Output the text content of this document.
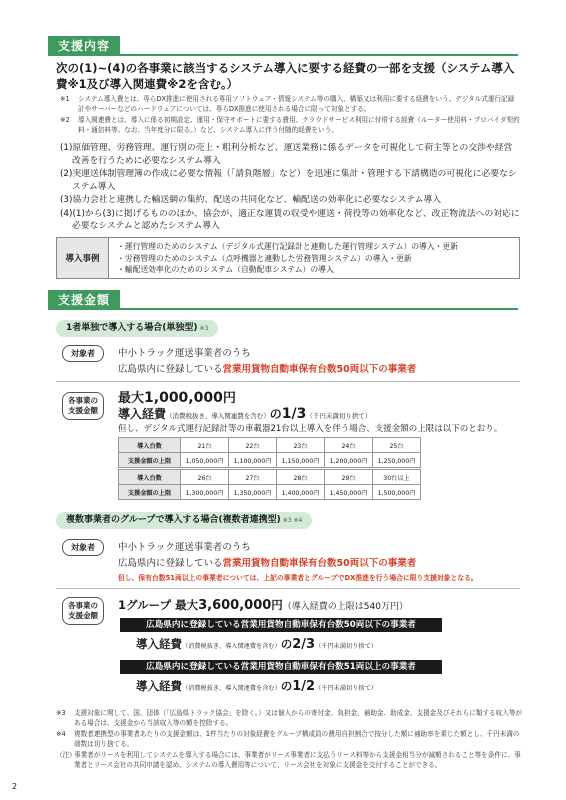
支援内容
次の(1)~(4)の各事業に該当するシステム導入に要する経費の一部を支援（システム導入費※1及び導入関連費※2を含む。）
※1	システム導入費とは、専らDX推進に使用される専用ソフトウェア・情報システム等の購入、構築又は利用に要する経費をいう。デジタル式運行記録計やサーバーなどのハードウェアについては、専らDX推進に使用される場合に限って対象とする。
※2	導入関連費とは、導入に係る初期設定、運用・保守サポートに要する費用、クラウドサービス利用に付帯する経費（ルーター使用料・プロバイダ契約料・通信料等。なお、当年度分に限る。）など、システム導入に伴う付随的経費をいう。
(1)原価管理、労務管理、運行別の売上・粗利分析など、運送業務に係るデータを可視化して荷主等との交渉や経営改善を行うために必要なシステム導入
(2)実運送体制管理簿の作成に必要な情報（「請負階層」など）を迅速に集計・管理する下請構造の可視化に必要なシステム導入
(3)協力会社と連携した輸送網の集約、配送の共同化など、輸配送の効率化に必要なシステム導入
(4)(1)から(3)に掲げるもののほか、協会が、適正な運賃の収受や運送・荷役等の効率化など、改正物流法への対応に必要なシステムと認めたシステム導入
導入事例
・運行管理のためのシステム（デジタル式運行記録計と連動した運行管理システム）の導入・更新
・労務管理のためのシステム（点呼機器と連動した労務管理システム）の導入・更新
・輸配送効率化のためのシステム（自動配車システム）の導入
支援金額
1者単独で導入する場合(単独型) ※3
対象者	中小トラック運送事業者のうち
広島県内に登録している営業用貨物自動車保有台数50両以下の事業者
各事業の
支援金額
最大1,000,000円
導入経費（消費税抜き、導入関連費を含む）の1/3（千円未満切り捨て）
但し、デジタル式運行記録計等の車載器21台以上導入を伴う場合、支援金額の上限は以下のとおり。
導入台数	21台	22台	23台	24台	25台
支援金額の上限	1,050,000円	1,100,000円	1,150,000円	1,200,000円	1,250,000円
導入台数	26台	27台	28台	29台	30台以上
支援金額の上限	1,300,000円	1,350,000円	1,400,000円	1,450,000円	1,500,000円
複数事業者のグループで導入する場合(複数者連携型) ※3 ※4
対象者	中小トラック運送事業者のうち
広島県内に登録している営業用貨物自動車保有台数50両以下の事業者
但し、保有台数51両以上の事業者については、上記の事業者とグループでDX推進を行う場合に限り支援対象となる。
各事業の
支援金額
1グループ 最大3,600,000円（導入経費の上限は540万円）
広島県内に登録している営業用貨物自動車保有台数50両以下の事業者
導入経費（消費税抜き、導入関連費を含む）の2/3（千円未満切り捨て）
広島県内に登録している営業用貨物自動車保有台数51両以上の事業者
導入経費（消費税抜き、導入関連費を含む）の1/2（千円未満切り捨て）
※3	支援対象に関して、国、団体（「広島県トラック協会」を除く。）又は個人からの寄付金、負担金、補助金、助成金、支援金及びそれらに類する収入等がある場合は、支援金から当該収入等の額を控除する。
※4	複数者連携型の事業者あたりの支援金額は、1件当たりの対象経費をグループ構成員の費用自担割合で按分した額に補助率を乗じた額とし、千円未満の端数は切り捨てる。
（注）
事業者がリースを利用してシステムを導入する場合には、事業者がリース事業者に支払うリース料等から支援金相当分が減額されること等を条件に、事業者とリース会社の共同申請を認め、システムの導入費用等について、リース会社を対象に支援金を交付することができる。
2
